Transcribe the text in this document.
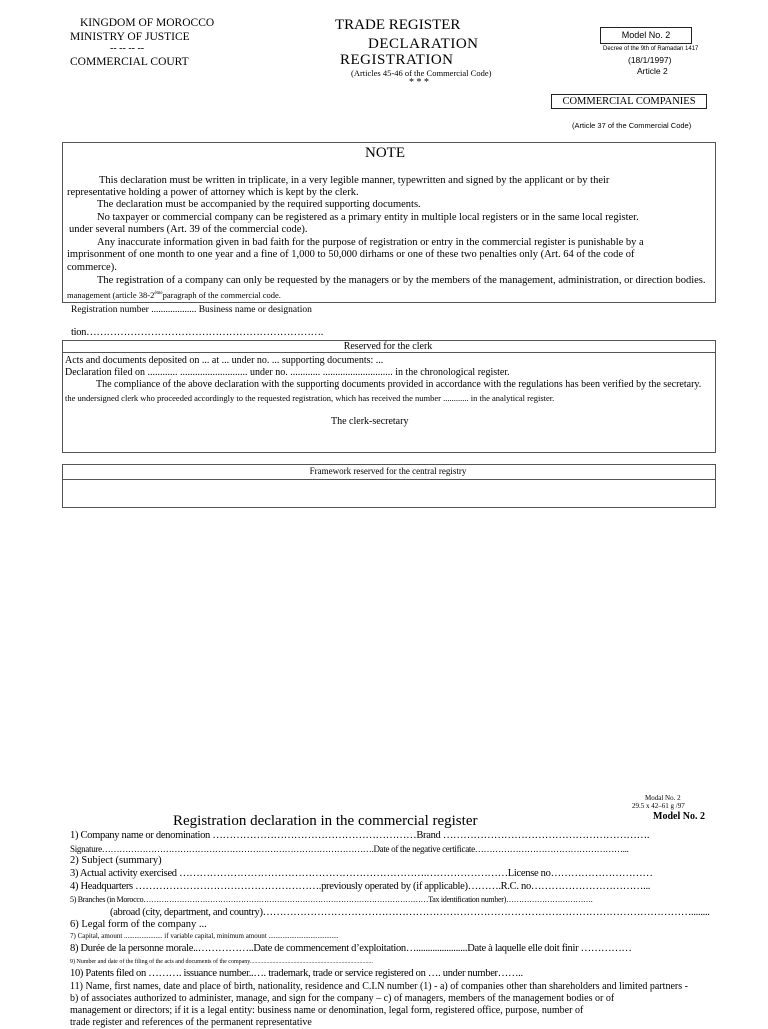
KINGDOM OF MOROCCO
MINISTRY OF JUSTICE
-- -- -- --
COMMERCIAL COURT
TRADE REGISTER
DECLARATION
REGISTRATION
(Articles 45-46 of the Commercial Code)
* * *
Model No. 2
Decree of the 9th of Ramadan 1417
(18/1/1997)
Article 2
COMMERCIAL COMPANIES
(Article 37 of the Commercial Code)
NOTE
This declaration must be written in triplicate, in a very legible manner, typewritten and signed by the applicant or by their
representative holding a power of attorney which is kept by the clerk.
The declaration must be accompanied by the required supporting documents.
No taxpayer or commercial company can be registered as a primary entity in multiple local registers or in the same local register.
under several numbers (Art. 39 of the commercial code).
Any inaccurate information given in bad faith for the purpose of registration or entry in the commercial register is punishable by a
imprisonment of one month to one year and a fine of 1,000 to 50,000 dirhams or one of these two penalties only (Art. 64 of the code of
commerce).
The registration of a company can only be requested by the managers or by the members of the management, administration, or direction bodies.
management (article 38-2èmeparagraph of the commercial code.
Registration number ................... Business name or designation
tion…………………………………………………………….
Reserved for the clerk
Acts and documents deposited on ... at ... under no. ... supporting documents: ...
Declaration filed on ............ ........................... under no. ............ ............................ in the chronological register.
The compliance of the above declaration with the supporting documents provided in accordance with the regulations has been verified by the secretary.
the undersigned clerk who proceeded accordingly to the requested registration, which has received the number ............ in the analytical register.
The clerk-secretary
Framework reserved for the central registry
Modal No. 2
29.5 x 42–61 g /97
Model No. 2
Registration declaration in the commercial register
1) Company name or denomination ……………………………………………………Brand …………………………………………………….
Signature………………………………………………………………………………….Date of the negative certificate……………………………………………...
2) Subject (summary)
3) Actual activity exercised ……………………………………………………………….……………………License no…………………………
4) Headquarters ……………………………………………….previously operated by (if applicable)……….R.C. no……………………………...
5) Branches (in Morocco…………………………………………………………………………………………………Tax identification number)…………………………….
(abroad (city, department, and country)………………………………………………………………………………………………………………........
6) Legal form of the company ...
7) Capital, amount ...................... if variable capital, minimum amount ........................................
8) Durée de la personne morale..……………..Date de commencement d’exploitation…......................Date à laquelle elle doit finir ……………
9) Number and date of the filing of the acts and documents of the company..................................................................................
10) Patents filed on ………. issuance number..…. trademark, trade or service registered on …. under number……..
11) Name, first names, date and place of birth, nationality, residence and C.I.N number (1) - a) of companies other than shareholders and limited partners -
b) of associates authorized to administer, manage, and sign for the company – c) of managers, members of the management bodies or of
management or directors; if it is a legal entity: business name or denomination, legal form, registered office, purpose, number of
trade register and references of the permanent representative
